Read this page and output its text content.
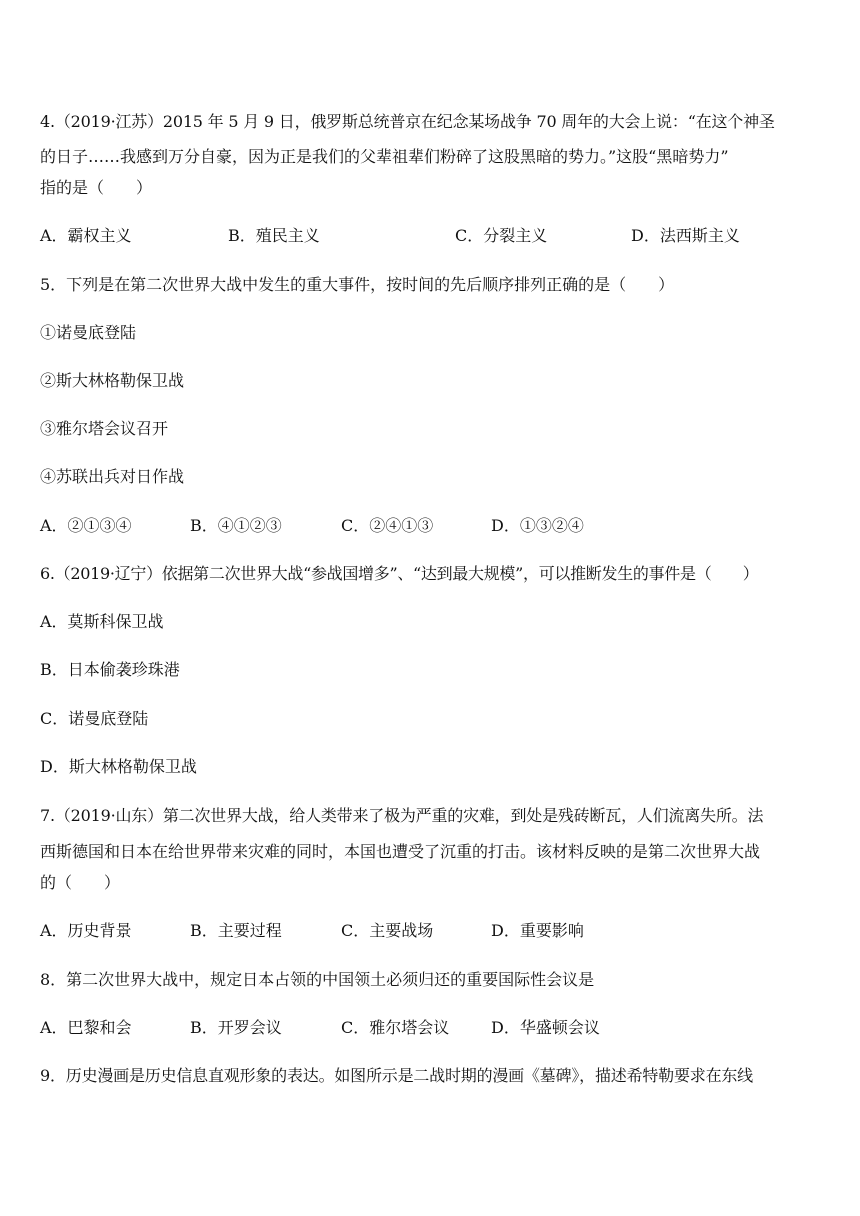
4.（2019·江苏）2015 年 5 月 9 日，俄罗斯总统普京在纪念某场战争 70 周年的大会上说：“在这个神圣
的日子……我感到万分自豪，因为正是我们的父辈祖辈们粉碎了这股黑暗的势力。”这股“黑暗势力”
指的是（　　）
A．霸权主义	B．殖民主义	C．分裂主义	D．法西斯主义
5．下列是在第二次世界大战中发生的重大事件，按时间的先后顺序排列正确的是（　　）
①诺曼底登陆
②斯大林格勒保卫战
③雅尔塔会议召开
④苏联出兵对日作战
A．②①③④	B．④①②③	C．②④①③	D．①③②④
6.（2019·辽宁）依据第二次世界大战“参战国增多”、“达到最大规模”，可以推断发生的事件是（　　）
A．莫斯科保卫战
B．日本偷袭珍珠港
C．诺曼底登陆
D．斯大林格勒保卫战
7.（2019·山东）第二次世界大战，给人类带来了极为严重的灾难，到处是残砖断瓦，人们流离失所。法
西斯德国和日本在给世界带来灾难的同时，本国也遭受了沉重的打击。该材料反映的是第二次世界大战
的（　　）
A．历史背景	B．主要过程	C．主要战场	D．重要影响
8．第二次世界大战中，规定日本占领的中国领土必须归还的重要国际性会议是
A．巴黎和会	B．开罗会议	C．雅尔塔会议	D．华盛顿会议
9．历史漫画是历史信息直观形象的表达。如图所示是二战时期的漫画《墓碑》，描述希特勒要求在东线
